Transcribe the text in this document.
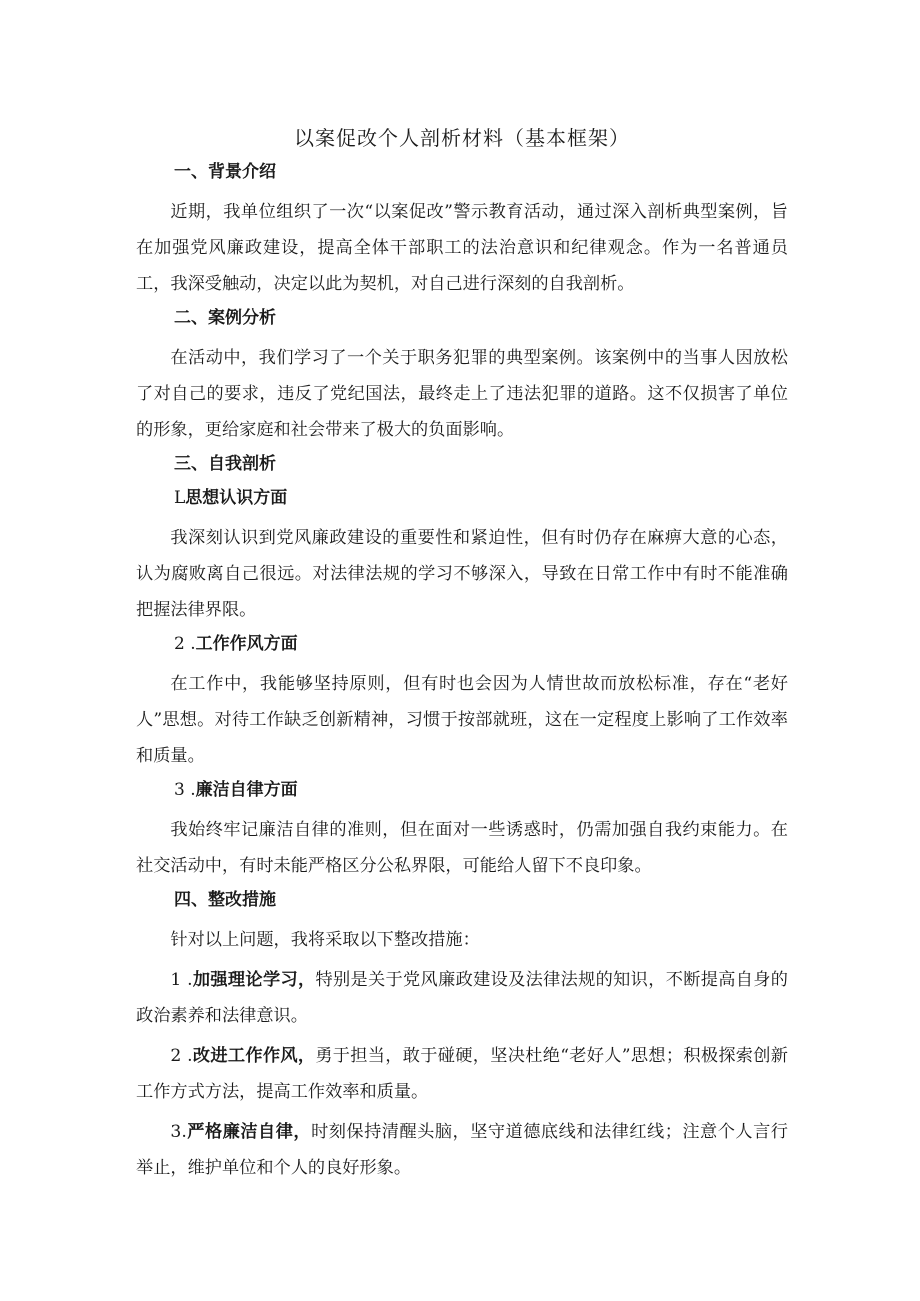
以案促改个人剖析材料（基本框架）
一、背景介绍

近期，我单位组织了一次“以案促改”警示教育活动，通过深入剖析典型案例，旨在加强党风廉政建设，提高全体干部职工的法治意识和纪律观念。作为一名普通员工，我深受触动，决定以此为契机，对自己进行深刻的自我剖析。

二、案例分析

在活动中，我们学习了一个关于职务犯罪的典型案例。该案例中的当事人因放松了对自己的要求，违反了党纪国法，最终走上了违法犯罪的道路。这不仅损害了单位的形象，更给家庭和社会带来了极大的负面影响。

三、自我剖析
L思想认识方面

我深刻认识到党风廉政建设的重要性和紧迫性，但有时仍存在麻痹大意的心态，认为腐败离自己很远。对法律法规的学习不够深入，导致在日常工作中有时不能准确把握法律界限。

2 .工作作风方面

在工作中，我能够坚持原则，但有时也会因为人情世故而放松标准，存在“老好人”思想。对待工作缺乏创新精神，习惯于按部就班，这在一定程度上影响了工作效率和质量。

3 .廉洁自律方面

我始终牢记廉洁自律的准则，但在面对一些诱惑时，仍需加强自我约束能力。在社交活动中，有时未能严格区分公私界限，可能给人留下不良印象。

四、整改措施

针对以上问题，我将采取以下整改措施：

1 .加强理论学习，特别是关于党风廉政建设及法律法规的知识，不断提高自身的政治素养和法律意识。

2 .改进工作作风，勇于担当，敢于碰硬，坚决杜绝“老好人”思想；积极探索创新工作方式方法，提高工作效率和质量。

3.严格廉洁自律，时刻保持清醒头脑，坚守道德底线和法律红线；注意个人言行举止，维护单位和个人的良好形象。
